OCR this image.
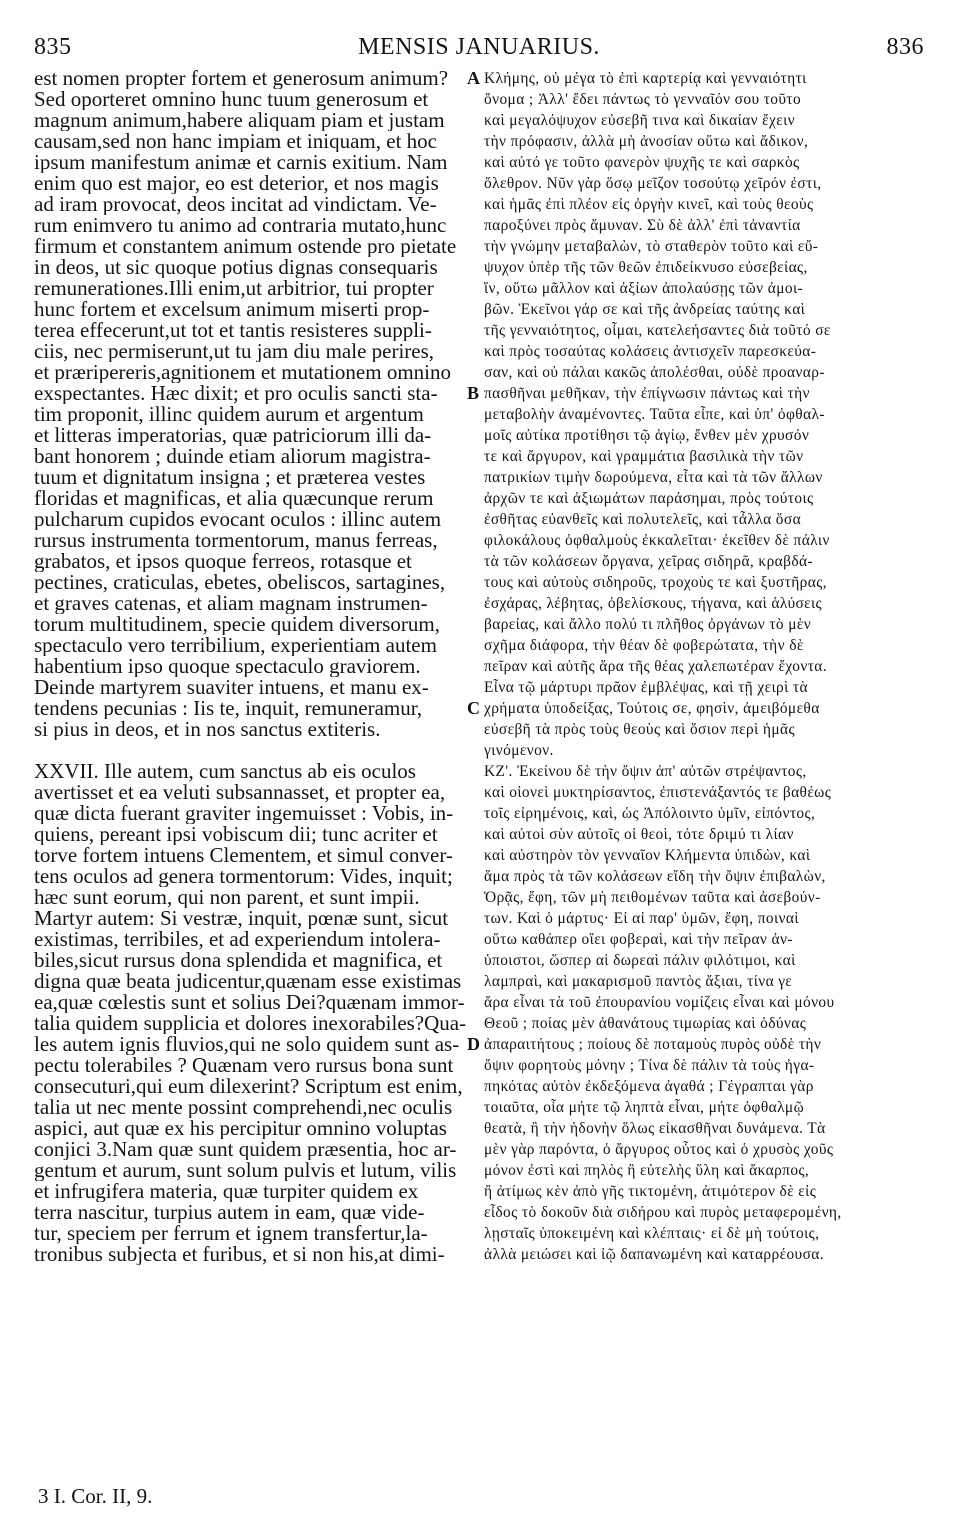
835	MENSIS JANUARIUS.	836
est nomen propter fortem et generosum animum?
Sed oporteret omnino hunc tuum generosum et
magnum animum,habere aliquam piam et justam
causam,sed non hanc impiam et iniquam, et hoc
ipsum manifestum animæ et carnis exitium. Nam
enim quo est major, eo est deterior, et nos magis
ad iram provocat, deos incitat ad vindictam. Ve-
rum enimvero tu animo ad contraria mutato,hunc
firmum et constantem animum ostende pro pietate
in deos, ut sic quoque potius dignas consequaris
remunerationes.Illi enim,ut arbitrior, tui propter
hunc fortem et excelsum animum miserti prop-
terea effecerunt,ut tot et tantis resisteres suppli-
ciis, nec permiserunt,ut tu jam diu male perires,
et præripereris,agnitionem et mutationem omnino
exspectantes. Hæc dixit; et pro oculis sancti sta-
tim proponit, illinc quidem aurum et argentum
et litteras imperatorias, quæ patriciorum illi da-
bant honorem ; duinde etiam aliorum magistra-
tuum et dignitatum insigna ; et præterea vestes
floridas et magnificas, et alia quæcunque rerum
pulcharum cupidos evocant oculos : illinc autem
rursus instrumenta tormentorum, manus ferreas,
grabatos, et ipsos quoque ferreos, rotasque et
pectines, craticulas, ebetes, obeliscos, sartagines,
et graves catenas, et aliam magnam instrumen-
torum multitudinem, specie quidem diversorum,
spectaculo vero terribilium, experientiam autem
habentium ipso quoque spectaculo graviorem.
Deinde martyrem suaviter intuens, et manu ex-
tendens pecunias : Iis te, inquit, remuneramur,
si pius in deos, et in nos sanctus extiteris.
XXVII. Ille autem, cum sanctus ab eis oculos
avertisset et ea veluti subsannasset, et propter ea,
quæ dicta fuerant graviter ingemuisset : Vobis, in-
quiens, pereant ipsi vobiscum dii; tunc acriter et
torve fortem intuens Clementem, et simul conver-
tens oculos ad genera tormentorum: Vides, inquit;
hæc sunt eorum, qui non parent, et sunt impii.
Martyr autem: Si vestræ, inquit, pœnæ sunt, sicut
existimas, terribiles, et ad experiendum intolera-
biles,sicut rursus dona splendida et magnifica, et
digna quæ beata judicentur,quænam esse existimas
ea,quæ cœlestis sunt et solius Dei?quænam immor-
talia quidem supplicia et dolores inexorabiles?Qua-
les autem ignis fluvios,qui ne solo quidem sunt as-
pectu tolerabiles ? Quænam vero rursus bona sunt
consecuturi,qui eum dilexerint? Scriptum est enim,
talia ut nec mente possint comprehendi,nec oculis
aspici, aut quæ ex his percipitur omnino voluptas
conjici 3.Nam quæ sunt quidem præsentia, hoc ar-
gentum et aurum, sunt solum pulvis et lutum, vilis
et infrugifera materia, quæ turpiter quidem ex
terra nascitur, turpius autem in eam, quæ vide-
tur, speciem per ferrum et ignem transfertur,la-
tronibus subjecta et furibus, et si non his,at dimi-
Κλήμης, οὐ μέγα τὸ ἐπὶ καρτερίᾳ καὶ γενναιότητι
A
ὄνομα ; Ἀλλ' ἔδει πάντως τὸ γενναῖόν σου τοῦτο
καὶ μεγαλόψυχον εὐσεβῆ τινα καὶ δικαίαν ἔχειν
τὴν πρόφασιν, ἀλλὰ μὴ ἀνοσίαν οὕτω καὶ ἄδικον,
καὶ αὐτό γε τοῦτο φανερὸν ψυχῆς τε καὶ σαρκὸς
ὄλεθρον. Νῦν γὰρ ὅσῳ μεῖζον τοσούτῳ χεῖρόν ἐστι,
καὶ ἡμᾶς ἐπὶ πλέον εἰς ὀργὴν κινεῖ, καὶ τοὺς θεοὺς
παροξύνει πρὸς ἄμυναν. Σὺ δὲ ἀλλ' ἐπὶ τἀναντία
τὴν γνώμην μεταβαλὼν, τὸ σταθερὸν τοῦτο καὶ εὔ-
ψυχον ὑπὲρ τῆς τῶν θεῶν ἐπιδείκνυσο εὐσεβείας,
ἵν, οὕτω μᾶλλον καὶ ἀξίων ἀπολαύσῃς τῶν ἀμοι-
βῶν. Ἐκεῖνοι γάρ σε καὶ τῆς ἀνδρείας ταύτης καὶ
τῆς γενναιότητος, οἶμαι, κατελεήσαντες διὰ τοῦτό σε
καὶ πρὸς τοσαύτας κολάσεις ἀντισχεῖν παρεσκεύα-
σαν, καὶ οὐ πάλαι κακῶς ἀπολέσθαι, οὐδὲ προαναρ-
πασθῆναι μεθῆκαν, τὴν ἐπίγνωσιν πάντως καὶ τὴν
B
μεταβολὴν ἀναμένοντες. Ταῦτα εἶπε, καὶ ὑπ' ὀφθαλ-
μοῖς αὐτίκα προτίθησι τῷ ἁγίῳ, ἔνθεν μὲν χρυσόν
τε καὶ ἄργυρον, καὶ γραμμάτια βασιλικὰ τὴν τῶν
πατρικίων τιμὴν δωρούμενα, εἶτα καὶ τὰ τῶν ἄλλων
ἀρχῶν τε καὶ ἀξιωμάτων παράσημαι, πρὸς τούτοις
ἐσθῆτας εὐανθεῖς καὶ πολυτελεῖς, καὶ τἆλλα ὅσα
φιλοκάλους ὀφθαλμοὺς ἐκκαλεῖται· ἐκεῖθεν δὲ πάλιν
τὰ τῶν κολάσεων ὄργανα, χεῖρας σιδηρᾶ, κραβδά-
τους καὶ αὐτοὺς σιδηροῦς, τροχοὺς τε καὶ ξυστῆρας,
ἐσχάρας, λέβητας, ὀβελίσκους, τήγανα, καὶ ἁλύσεις
βαρείας, καὶ ἄλλο πολύ τι πλῆθος ὀργάνων τὸ μὲν
σχῆμα διάφορα, τὴν θέαν δὲ φοβερώτατα, τὴν δὲ
πεῖραν καὶ αὐτῆς ἄρα τῆς θέας χαλεπωτέραν ἔχοντα.
Εἶνα τῷ μάρτυρι πρᾶον ἐμβλέψας, καὶ τῇ χειρὶ τὰ
χρήματα ὑποδείξας, Τούτοις σε, φησὶν, ἀμειβόμεθα
C
εὐσεβῆ τὰ πρὸς τοὺς θεοὺς καὶ ὅσιον περὶ ἡμᾶς
γινόμενον.
ΚΖ'. Ἐκείνου δὲ τὴν ὄψιν ἀπ' αὐτῶν στρέψαντος,
καὶ οἱονεὶ μυκτηρίσαντος, ἐπιστενάξαντός τε βαθέως
τοῖς εἰρημένοις, καὶ, ὡς Ἀπόλοιντο ὑμῖν, εἰπόντος,
καὶ αὐτοὶ σὺν αὐτοῖς οἱ θεοὶ, τότε δριμύ τι λίαν
καὶ αὐστηρὸν τὸν γενναῖον Κλήμεντα ὑπιδὼν, καὶ
ἅμα πρὸς τὰ τῶν κολάσεων εἴδη τὴν ὄψιν ἐπιβαλὼν,
Ὁρᾷς, ἔφη, τῶν μὴ πειθομένων ταῦτα καὶ ἀσεβούν-
των. Καὶ ὁ μάρτυς· Εἰ αἱ παρ' ὑμῶν, ἔφη, ποιναὶ
οὕτω καθάπερ οἴει φοβεραὶ, καὶ τὴν πεῖραν ἀν-
ὑποιστοι, ὥσπερ αἱ δωρεαὶ πάλιν φιλότιμοι, καὶ
λαμπραὶ, καὶ μακαρισμοῦ παντὸς ἄξιαι, τίνα γε
ἄρα εἶναι τὰ τοῦ ἐπουρανίου νομίζεις εἶναι καὶ μόνου
Θεοῦ ; ποίας μὲν ἀθανάτους τιμωρίας καὶ ὀδύνας
ἀπαραιτήτους ; ποίους δὲ ποταμοὺς πυρὸς οὐδὲ τὴν
D
ὄψιν φορητοὺς μόνην ; Τίνα δὲ πάλιν τὰ τοὺς ἠγα-
πηκότας αὐτὸν ἐκδεξόμενα ἀγαθά ; Γέγραπται γὰρ
τοιαῦτα, οἷα μήτε τῷ ληπτὰ εἶναι, μήτε ὀφθαλμῷ
θεατὰ, ἢ τὴν ἡδονὴν ὅλως εἰκασθῆναι δυνάμενα. Τὰ
μὲν γὰρ παρόντα, ὁ ἄργυρος οὗτος καὶ ὁ χρυσὸς χοῦς
μόνον ἐστὶ καὶ πηλὸς ἢ εὐτελὴς ὕλη καὶ ἄκαρπος,
ἢ ἀτίμως κὲν ἀπὸ γῆς τικτομένη, ἀτιμότερον δὲ εἰς
εἶδος τὸ δοκοῦν διὰ σιδήρου καὶ πυρὸς μεταφερομένη,
λῃσταῖς ὑποκειμένη καὶ κλέπταις· εἰ δὲ μὴ τούτοις,
ἀλλὰ μειώσει καὶ ἰῷ δαπανωμένη καὶ καταρρέουσα.
3 I. Cor. II, 9.
